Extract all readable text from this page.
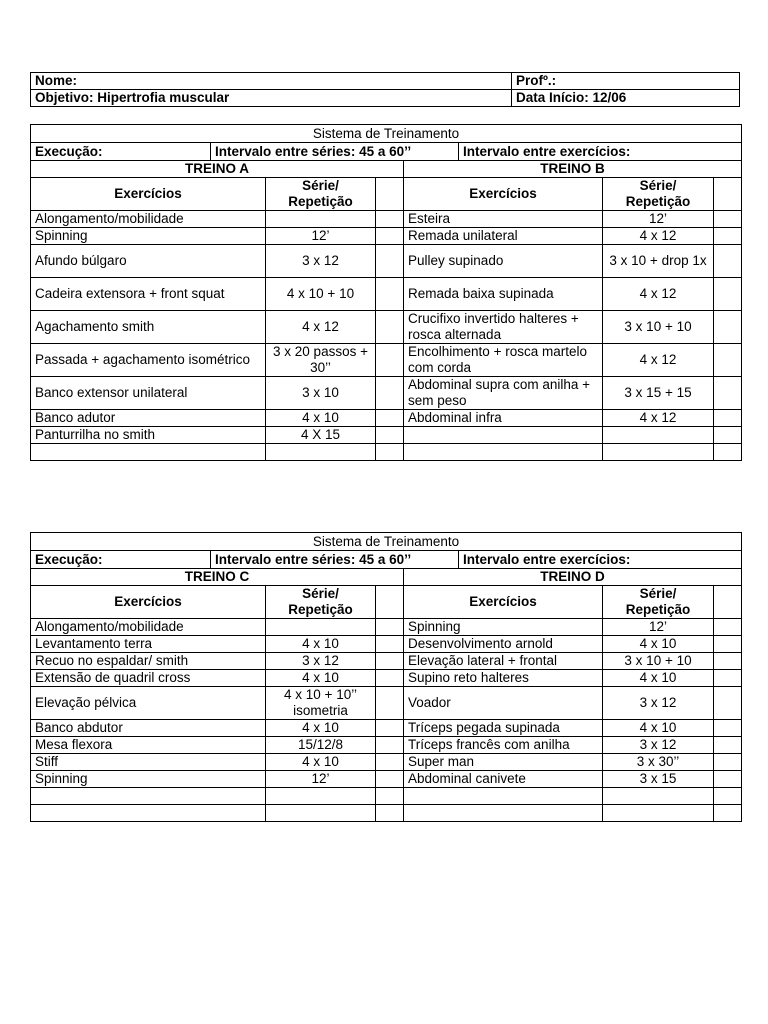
Nome:	Profº.:
Objetivo: Hipertrofia muscular	Data Início: 12/06
Sistema de Treinamento
Execução:	Intervalo entre séries: 45 a 60’’	Intervalo entre exercícios:
TREINO A			TREINO B		
Exercícios	Série/ Repetição		Exercícios	Série/ Repetição	
Alongamento/mobilidade			Esteira	12’	
Spinning	12’		Remada unilateral	4 x 12	
Afundo búlgaro	3 x 12		Pulley supinado	3 x 10 + drop 1x	
Cadeira extensora + front squat	4 x 10 + 10		Remada baixa supinada	4 x 12	
Agachamento smith	4 x 12		Crucifixo invertido halteres + rosca alternada	3 x 10 + 10	
Passada + agachamento isométrico	3 x 20 passos + 30’’		Encolhimento + rosca martelo com corda	4 x 12	
Banco extensor unilateral	3 x 10		Abdominal supra com anilha + sem peso	3 x 15 + 15	
Banco adutor	4 x 10		Abdominal infra	4 x 12	
Panturrilha no smith	4 X 15				

Sistema de Treinamento
Execução:	Intervalo entre séries: 45 a 60’’	Intervalo entre exercícios:
TREINO C			TREINO D		
Exercícios	Série/ Repetição		Exercícios	Série/ Repetição	
Alongamento/mobilidade			Spinning	12’	
Levantamento terra	4 x 10		Desenvolvimento arnold	4 x 10	
Recuo no espaldar/ smith	3 x 12		Elevação lateral + frontal	3 x 10 + 10	
Extensão de quadril cross	4 x 10		Supino reto halteres	4 x 10	
Elevação pélvica	4 x 10 + 10’’ isometria		Voador	3 x 12	
Banco abdutor	4 x 10		Tríceps pegada supinada	4 x 10	
Mesa flexora	15/12/8		Tríceps francês com anilha	3 x 12	
Stiff	4 x 10		Super man	3 x 30’’	
Spinning	12’		Abdominal canivete	3 x 15	
